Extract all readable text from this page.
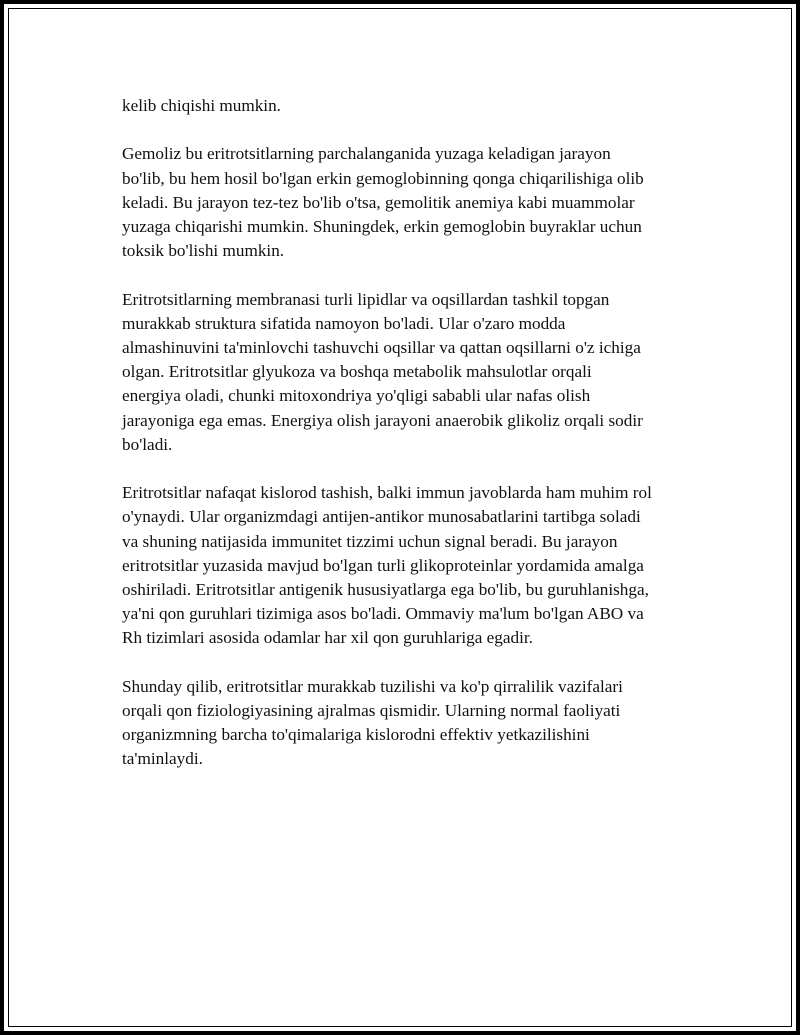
kelib chiqishi mumkin.

Gemoliz bu eritrotsitlarning parchalanganida yuzaga keladigan jarayon
bo'lib, bu hem hosil bo'lgan erkin gemoglobinning qonga chiqarilishiga olib
keladi. Bu jarayon tez-tez bo'lib o'tsa, gemolitik anemiya kabi muammolar
yuzaga chiqarishi mumkin. Shuningdek, erkin gemoglobin buyraklar uchun
toksik bo'lishi mumkin.

Eritrotsitlarning membranasi turli lipidlar va oqsillardan tashkil topgan
murakkab struktura sifatida namoyon bo'ladi. Ular o'zaro modda
almashinuvini ta'minlovchi tashuvchi oqsillar va qattan oqsillarni o'z ichiga
olgan. Eritrotsitlar glyukoza va boshqa metabolik mahsulotlar orqali
energiya oladi, chunki mitoxondriya yo'qligi sababli ular nafas olish
jarayoniga ega emas. Energiya olish jarayoni anaerobik glikoliz orqali sodir
bo'ladi.

Eritrotsitlar nafaqat kislorod tashish, balki immun javoblarda ham muhim rol
o'ynaydi. Ular organizmdagi antijen-antikor munosabatlarini tartibga soladi
va shuning natijasida immunitet tizzimi uchun signal beradi. Bu jarayon
eritrotsitlar yuzasida mavjud bo'lgan turli glikoproteinlar yordamida amalga
oshiriladi. Eritrotsitlar antigenik hususiyatlarga ega bo'lib, bu guruhlanishga,
ya'ni qon guruhlari tizimiga asos bo'ladi. Ommaviy ma'lum bo'lgan ABO va
Rh tizimlari asosida odamlar har xil qon guruhlariga egadir.

Shunday qilib, eritrotsitlar murakkab tuzilishi va ko'p qirralilik vazifalari
orqali qon fiziologiyasining ajralmas qismidir. Ularning normal faoliyati
organizmning barcha to'qimalariga kislorodni effektiv yetkazilishini
ta'minlaydi.
